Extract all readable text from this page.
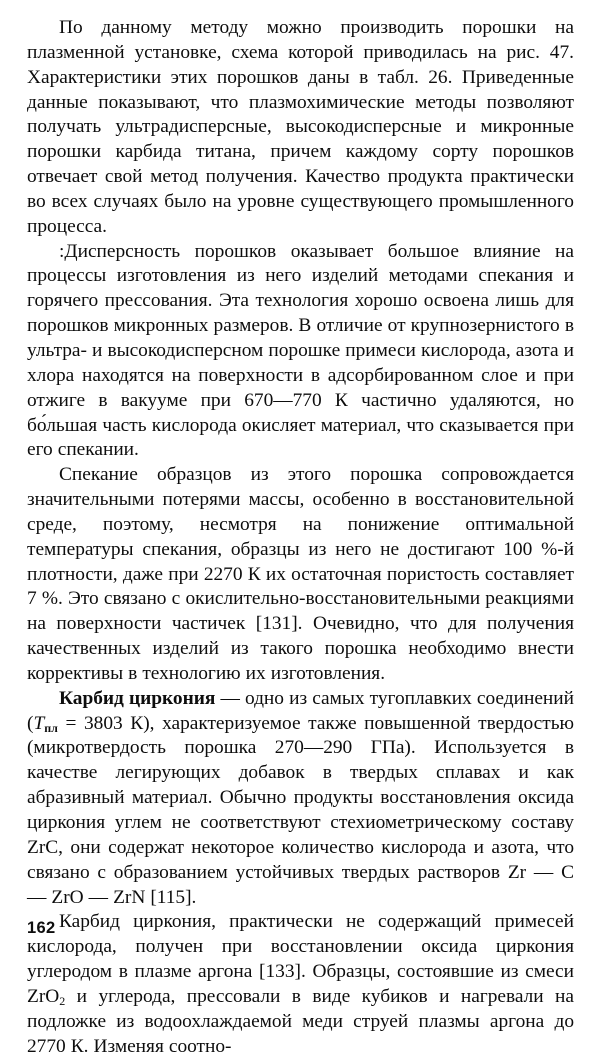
По данному методу можно производить порошки на плазменной установке, схема которой приводилась на рис. 47. Характеристики этих порошков даны в табл. 26. Приведенные данные показывают, что плазмохимические методы позволяют получать ультрадисперсные, высокодисперсные и микронные порошки карбида титана, причем каждому сорту порошков отвечает свой метод получения. Качество продукта практически во всех случаях было на уровне существующего промышленного процесса.

:Дисперсность порошков оказывает большое влияние на процессы изготовления из него изделий методами спекания и горячего прессования. Эта технология хорошо освоена лишь для порошков микронных размеров. В отличие от крупнозернистого в ультра- и высокодисперсном порошке примеси кислорода, азота и хлора находятся на поверхности в адсорбированном слое и при отжиге в вакууме при 670—770 К частично удаляются, но бо́льшая часть кислорода окисляет материал, что сказывается при его спекании.

Спекание образцов из этого порошка сопровождается значительными потерями массы, особенно в восстановительной среде, поэтому, несмотря на понижение оптимальной температуры спекания, образцы из него не достигают 100 %-й плотности, даже при 2270 К их остаточная пористость составляет 7 %. Это связано с окислительно-восстановительными реакциями на поверхности частичек [131]. Очевидно, что для получения качественных изделий из такого порошка необходимо внести коррективы в технологию их изготовления.

Карбид циркония — одно из самых тугоплавких соединений ($T_{пл} = 3803$ К), характеризуемое также повышенной твердостью (микротвердость порошка 270—290 ГПа). Используется в качестве легирующих добавок в твердых сплавах и как абразивный материал. Обычно продукты восстановления оксида циркония углем не соответствуют стехиометрическому составу ZrC, они содержат некоторое количество кислорода и азота, что связано с образованием устойчивых твердых растворов Zr — C — ZrO — ZrN [115].

Карбид циркония, практически не содержащий примесей кислорода, получен при восстановлении оксида циркония углеродом в плазме аргона [133]. Образцы, состоявшие из смеси ZrO$_2$ и углерода, прессовали в виде кубиков и нагревали на подложке из водоохлаждаемой меди струей плазмы аргона до 2770 К. Изменяя соотно-

162
